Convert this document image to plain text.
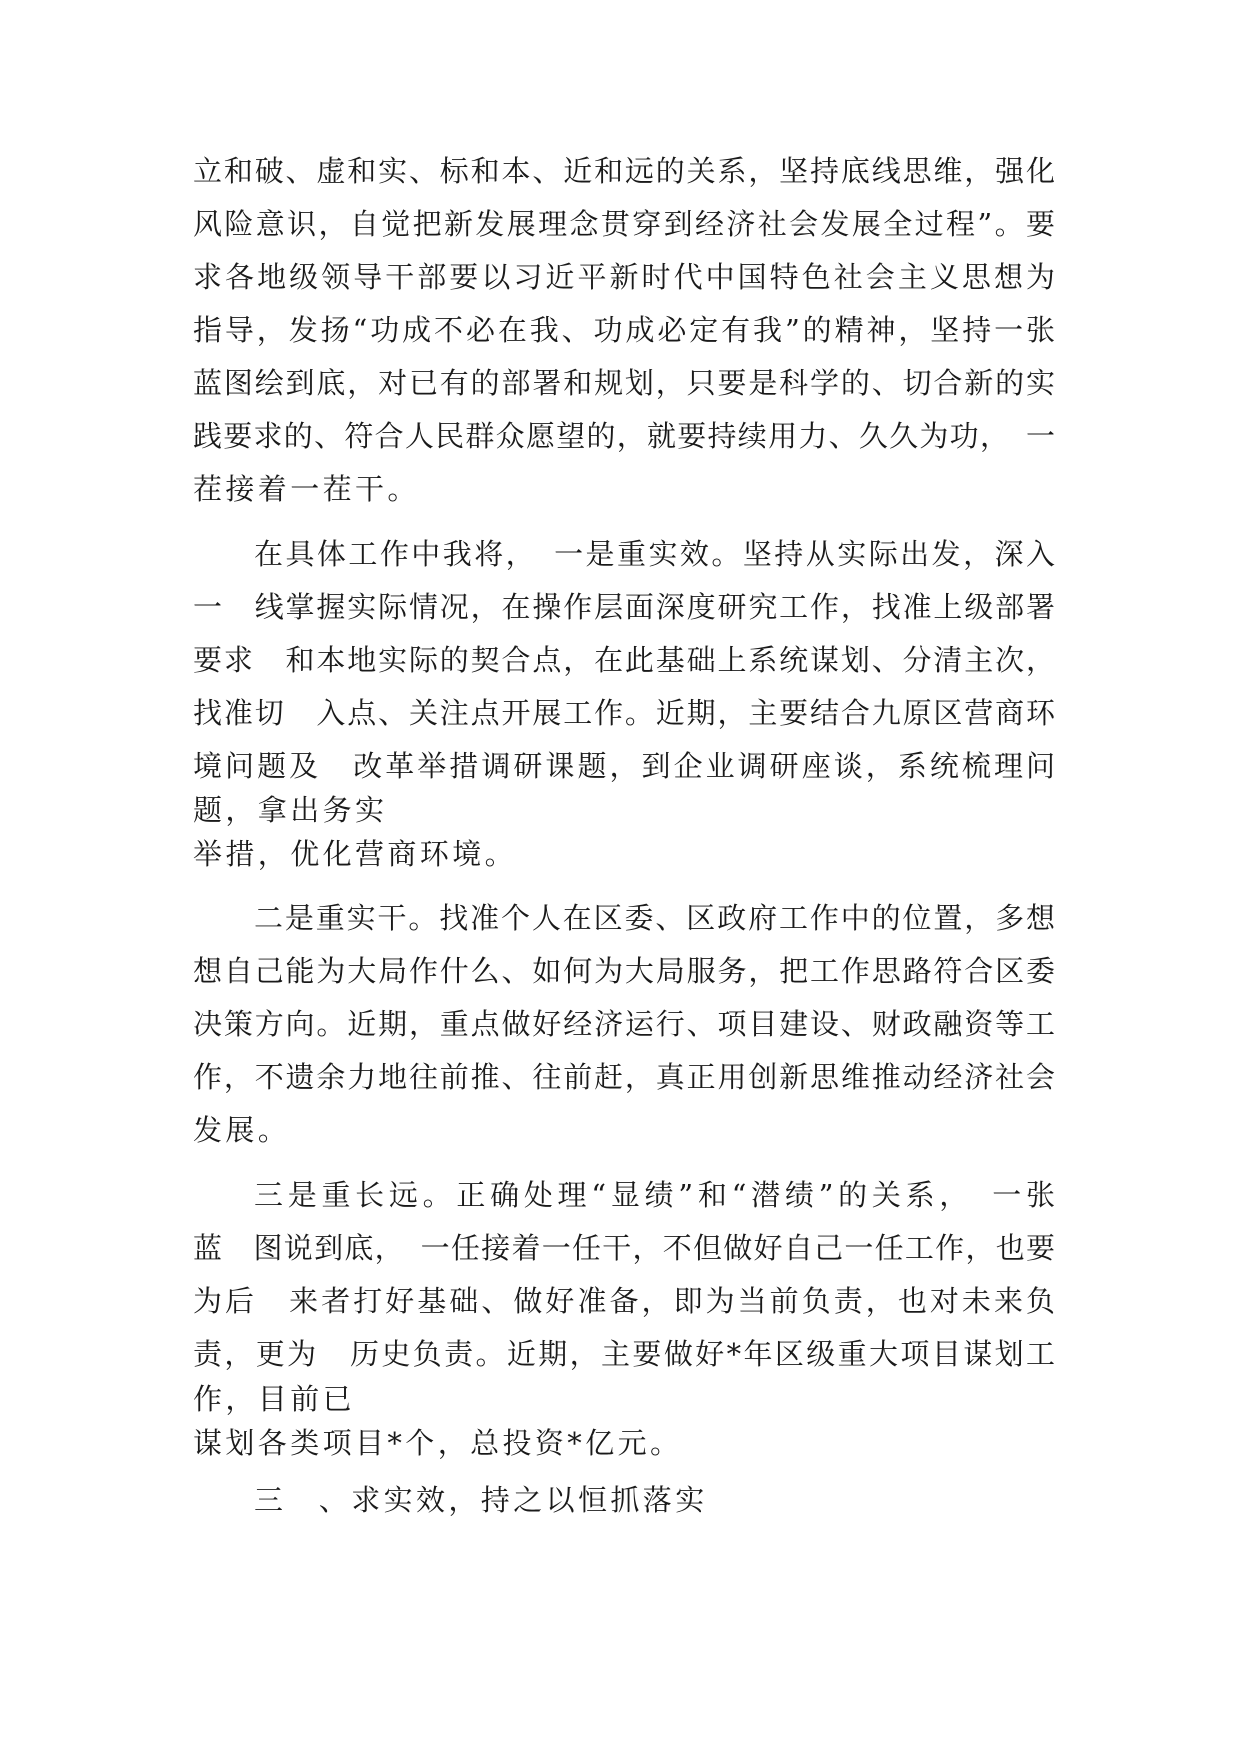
立和破、虚和实、标和本、近和远的关系，坚持底线思维，强化

风险意识，自觉把新发展理念贯穿到经济社会发展全过程”。要

求各地级领导干部要以习近平新时代中国特色社会主义思想为

指导，发扬“功成不必在我、功成必定有我”的精神，坚持一张

蓝图绘到底，对已有的部署和规划，只要是科学的、切合新的实

践要求的、符合人民群众愿望的，就要持续用力、久久为功，　一

茬接着一茬干。

在具体工作中我将，　一是重实效。坚持从实际出发，深入

一　线掌握实际情况，在操作层面深度研究工作，找准上级部署

要求　和本地实际的契合点，在此基础上系统谋划、分清主次，

找准切　入点、关注点开展工作。近期，主要结合九原区营商环

境问题及　改革举措调研课题，到企业调研座谈，系统梳理问

题，拿出务实

举措，优化营商环境。

二是重实干。找准个人在区委、区政府工作中的位置，多想

想自己能为大局作什么、如何为大局服务，把工作思路符合区委

决策方向。近期，重点做好经济运行、项目建设、财政融资等工

作，不遗余力地往前推、往前赶，真正用创新思维推动经济社会

发展。

三是重长远。正确处理“显绩”和“潜绩”的关系，　一张

蓝　图说到底，　一任接着一任干，不但做好自己一任工作，也要

为后　来者打好基础、做好准备，即为当前负责，也对未来负

责，更为　历史负责。近期，主要做好*年区级重大项目谋划工

作，目前已

谋划各类项目*个，总投资*亿元。

三　、求实效，持之以恒抓落实
